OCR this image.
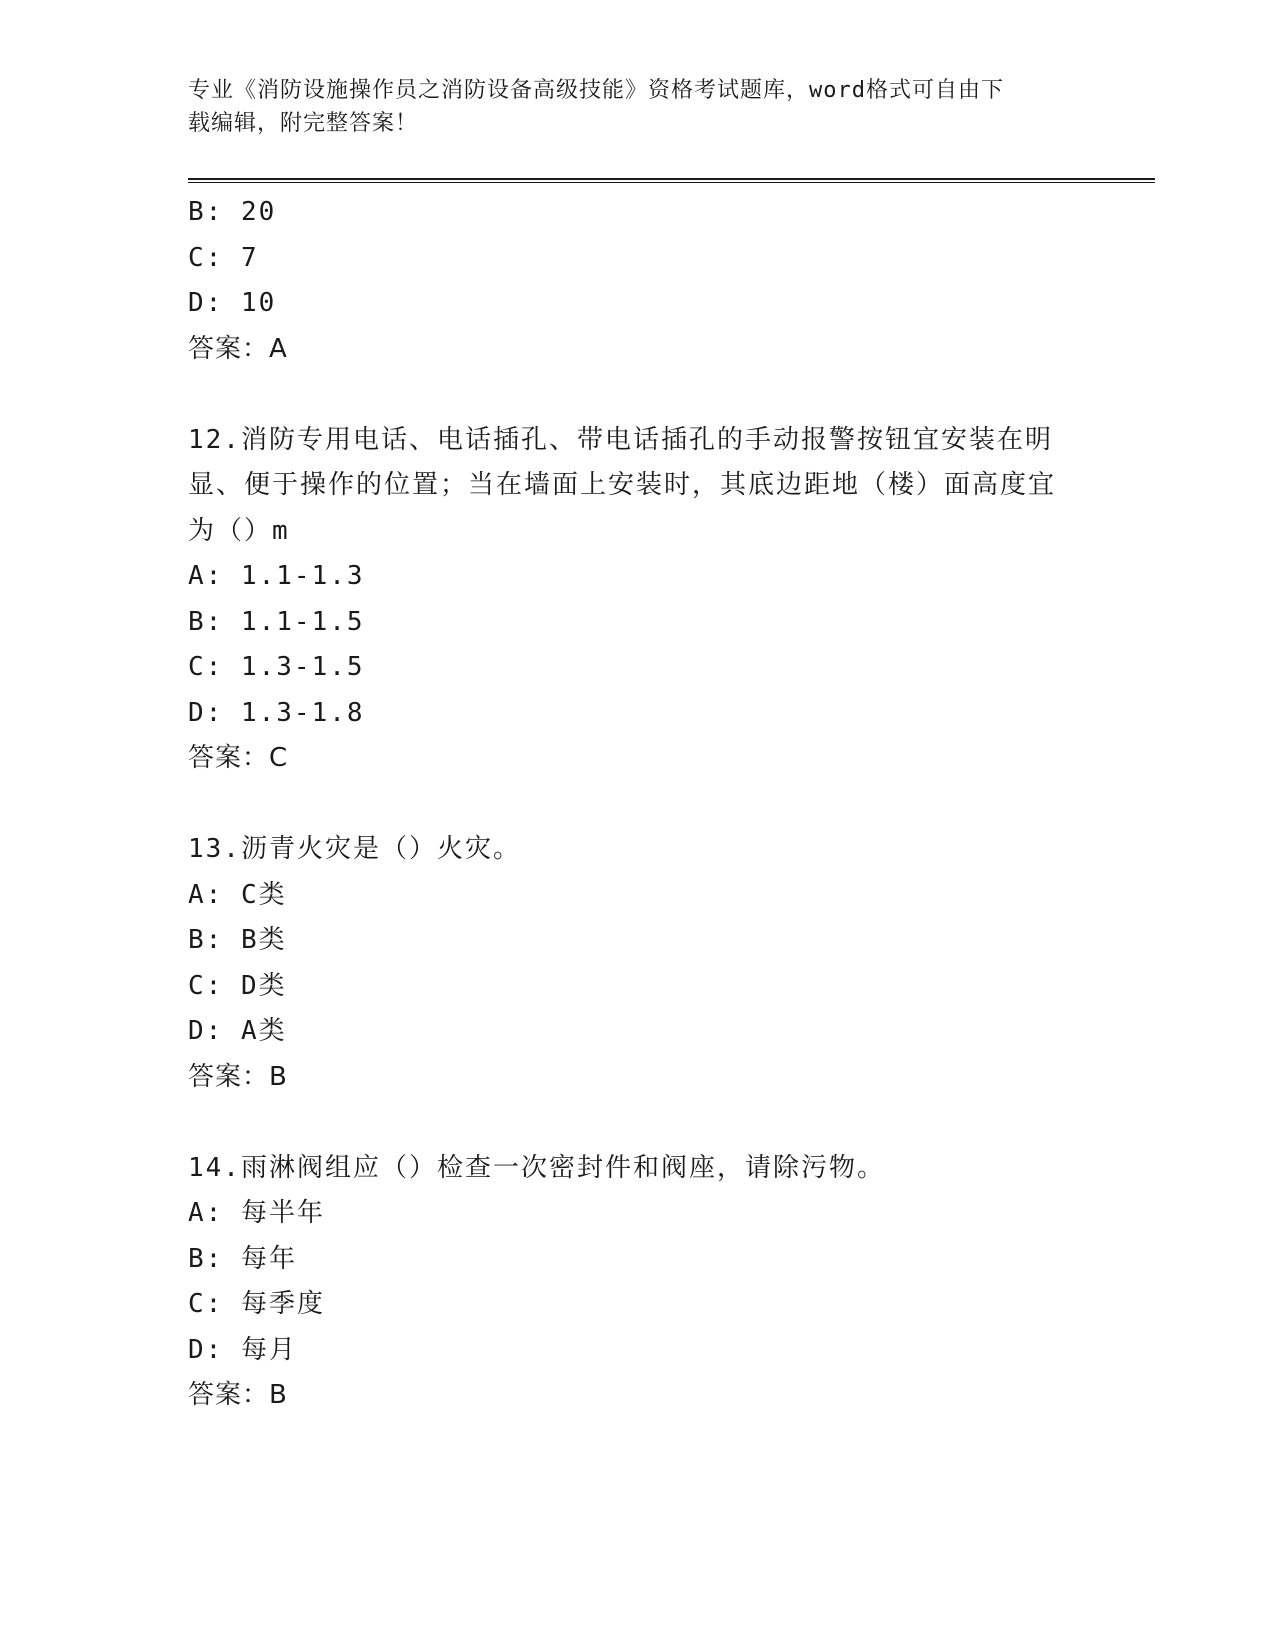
专业《消防设施操作员之消防设备高级技能》资格考试题库，word格式可自由下
载编辑，附完整答案！
B: 20
C: 7
D: 10
答案：A
12.消防专用电话、电话插孔、带电话插孔的手动报警按钮宜安装在明显、便于操作的位置；当在墙面上安装时，其底边距地（楼）面高度宜为（）m
A: 1.1-1.3
B: 1.1-1.5
C: 1.3-1.5
D: 1.3-1.8
答案：C
13.沥青火灾是（）火灾。
A: C类
B: B类
C: D类
D: A类
答案：B
14.雨淋阀组应（）检查一次密封件和阀座，请除污物。
A: 每半年
B: 每年
C: 每季度
D: 每月
答案：B
